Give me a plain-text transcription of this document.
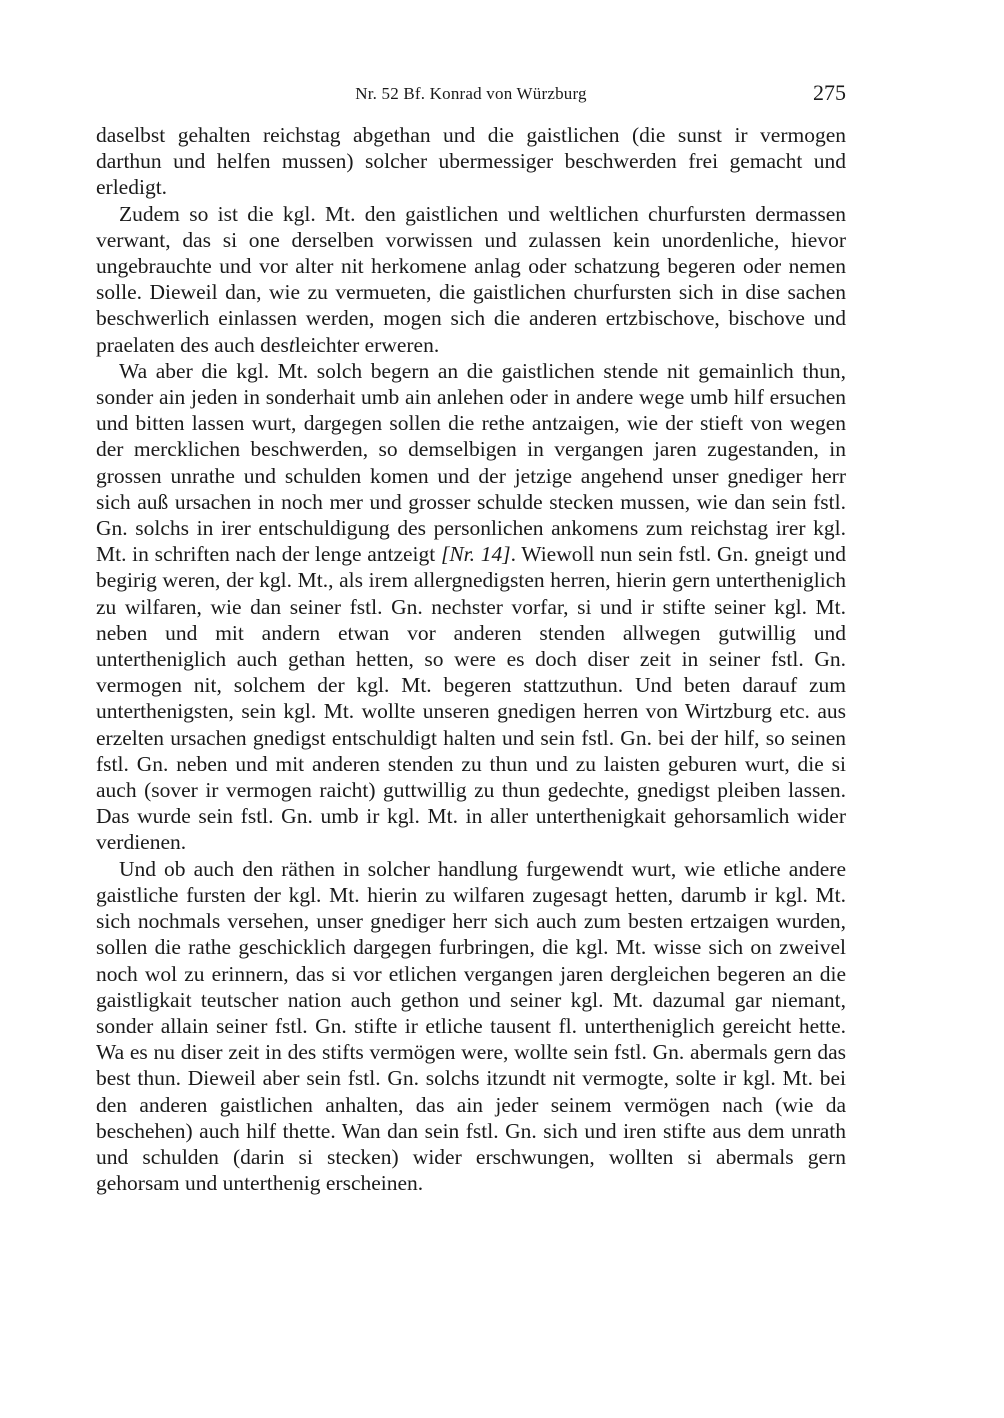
Nr. 52 Bf. Konrad von Würzburg	275

daselbst gehalten reichstag abgethan und die gaistlichen (die sunst ir vermogen darthun und helfen mussen) solcher ubermessiger beschwerden frei gemacht und erledigt.

Zudem so ist die kgl. Mt. den gaistlichen und weltlichen churfursten dermassen verwant, das si one derselben vorwissen und zulassen kein unordenliche, hievor ungebrauchte und vor alter nit herkomene anlag oder schatzung begeren oder nemen solle. Dieweil dan, wie zu vermueten, die gaistlichen churfursten sich in dise sachen beschwerlich einlassen werden, mogen sich die anderen ertzbischove, bischove und praelaten des auch destleichter erweren.

Wa aber die kgl. Mt. solch begern an die gaistlichen stende nit gemainlich thun, sonder ain jeden in sonderhait umb ain anlehen oder in andere wege umb hilf ersuchen und bitten lassen wurt, dargegen sollen die rethe antzaigen, wie der stieft von wegen der mercklichen beschwerden, so demselbigen in vergangen jaren zugestanden, in grossen unrathe und schulden komen und der jetzige angehend unser gnediger herr sich auß ursachen in noch mer und grosser schulde stecken mussen, wie dan sein fstl. Gn. solchs in irer entschuldigung des personlichen ankomens zum reichstag irer kgl. Mt. in schriften nach der lenge antzeigt [Nr. 14]. Wiewoll nun sein fstl. Gn. gneigt und begirig weren, der kgl. Mt., als irem allergnedigsten herren, hierin gern untertheniglich zu wilfaren, wie dan seiner fstl. Gn. nechster vorfar, si und ir stifte seiner kgl. Mt. neben und mit andern etwan vor anderen stenden allwegen gutwillig und untertheniglich auch gethan hetten, so were es doch diser zeit in seiner fstl. Gn. vermogen nit, solchem der kgl. Mt. begeren stattzuthun. Und beten darauf zum unterthenigsten, sein kgl. Mt. wollte unseren gnedigen herren von Wirtzburg etc. aus erzelten ursachen gnedigst entschuldigt halten und sein fstl. Gn. bei der hilf, so seinen fstl. Gn. neben und mit anderen stenden zu thun und zu laisten geburen wurt, die si auch (sover ir vermogen raicht) guttwillig zu thun gedechte, gnedigst pleiben lassen. Das wurde sein fstl. Gn. umb ir kgl. Mt. in aller unterthenigkait gehorsamlich wider verdienen.

Und ob auch den räthen in solcher handlung furgewendt wurt, wie etliche andere gaistliche fursten der kgl. Mt. hierin zu wilfaren zugesagt hetten, darumb ir kgl. Mt. sich nochmals versehen, unser gnediger herr sich auch zum besten ertzaigen wurden, sollen die rathe geschicklich dargegen furbringen, die kgl. Mt. wisse sich on zweivel noch wol zu erinnern, das si vor etlichen vergangen jaren dergleichen begeren an die gaistligkait teutscher nation auch gethon und seiner kgl. Mt. dazumal gar niemant, sonder allain seiner fstl. Gn. stifte ir etliche tausent fl. untertheniglich gereicht hette. Wa es nu diser zeit in des stifts vermögen were, wollte sein fstl. Gn. abermals gern das best thun. Dieweil aber sein fstl. Gn. solchs itzundt nit vermogte, solte ir kgl. Mt. bei den anderen gaistlichen anhalten, das ain jeder seinem vermögen nach (wie da beschehen) auch hilf thette. Wan dan sein fstl. Gn. sich und iren stifte aus dem unrath und schulden (darin si stecken) wider erschwungen, wollten si abermals gern gehorsam und unterthenig erscheinen.
